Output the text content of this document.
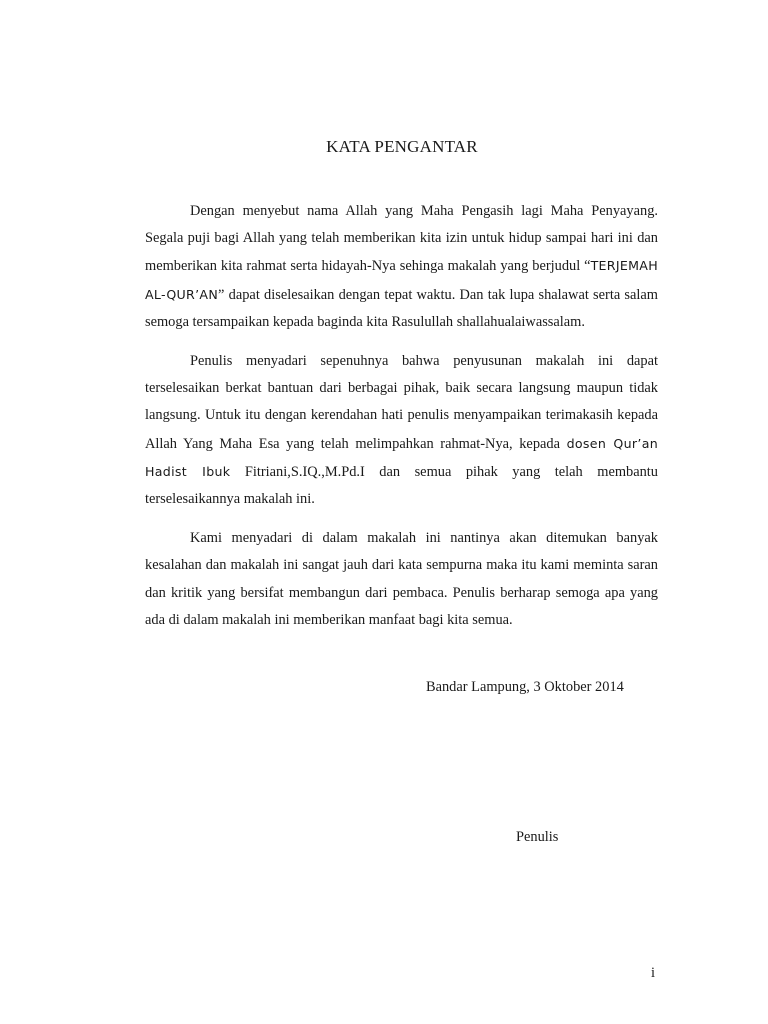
KATA PENGANTAR

Dengan menyebut nama Allah yang Maha Pengasih lagi Maha Penyayang. Segala puji bagi Allah yang telah memberikan kita izin untuk hidup sampai hari ini dan memberikan kita rahmat serta hidayah-Nya sehinga makalah yang berjudul “TERJEMAH AL-QUR’AN” dapat diselesaikan dengan tepat waktu. Dan tak lupa shalawat serta salam semoga tersampaikan kepada baginda kita Rasulullah shallahualaiwassalam.

Penulis menyadari sepenuhnya bahwa penyusunan makalah ini dapat terselesaikan berkat bantuan dari berbagai pihak, baik secara langsung maupun tidak langsung. Untuk itu dengan kerendahan hati penulis menyampaikan terimakasih kepada Allah Yang Maha Esa yang telah melimpahkan rahmat-Nya, kepada dosen Qur’an Hadist Ibuk Fitriani,S.IQ.,M.Pd.I dan semua pihak yang telah membantu terselesaikannya makalah ini.

Kami menyadari di dalam makalah ini nantinya akan ditemukan banyak kesalahan dan makalah ini sangat jauh dari kata sempurna maka itu kami meminta saran dan kritik yang bersifat membangun dari pembaca. Penulis berharap semoga apa yang ada di dalam makalah ini memberikan manfaat bagi kita semua.

Bandar Lampung, 3 Oktober 2014
Penulis
i
